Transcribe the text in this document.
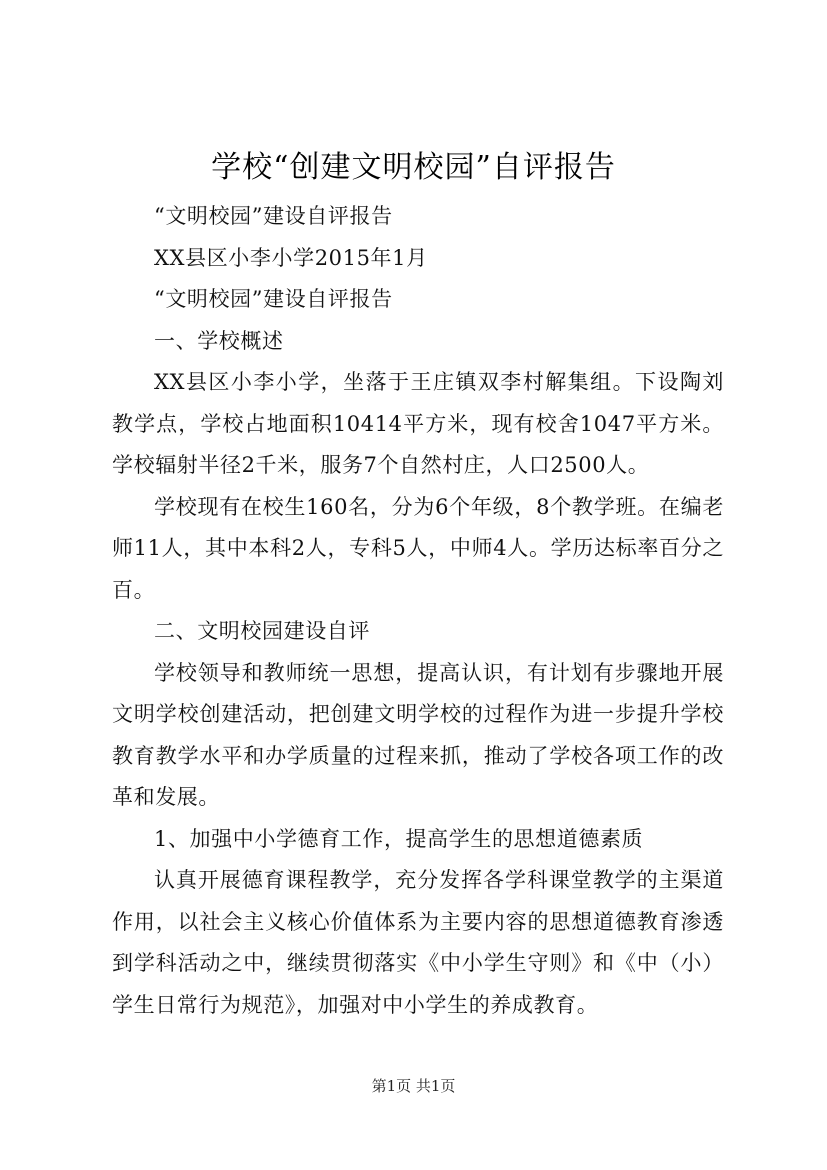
学校“创建文明校园”自评报告

“文明校园”建设自评报告

XX县区小李小学2015年1月

“文明校园”建设自评报告

一、学校概述

XX县区小李小学，坐落于王庄镇双李村解集组。下设陶刘教学点，学校占地面积10414平方米，现有校舍1047平方米。学校辐射半径2千米，服务7个自然村庄，人口2500人。

学校现有在校生160名，分为6个年级，8个教学班。在编老师11人，其中本科2人，专科5人，中师4人。学历达标率百分之百。

二、文明校园建设自评

学校领导和教师统一思想，提高认识，有计划有步骤地开展文明学校创建活动，把创建文明学校的过程作为进一步提升学校教育教学水平和办学质量的过程来抓，推动了学校各项工作的改革和发展。

1、加强中小学德育工作，提高学生的思想道德素质

认真开展德育课程教学，充分发挥各学科课堂教学的主渠道作用，以社会主义核心价值体系为主要内容的思想道德教育渗透到学科活动之中，继续贯彻落实《中小学生守则》和《中（小）学生日常行为规范》，加强对中小学生的养成教育。

第1页 共1页
